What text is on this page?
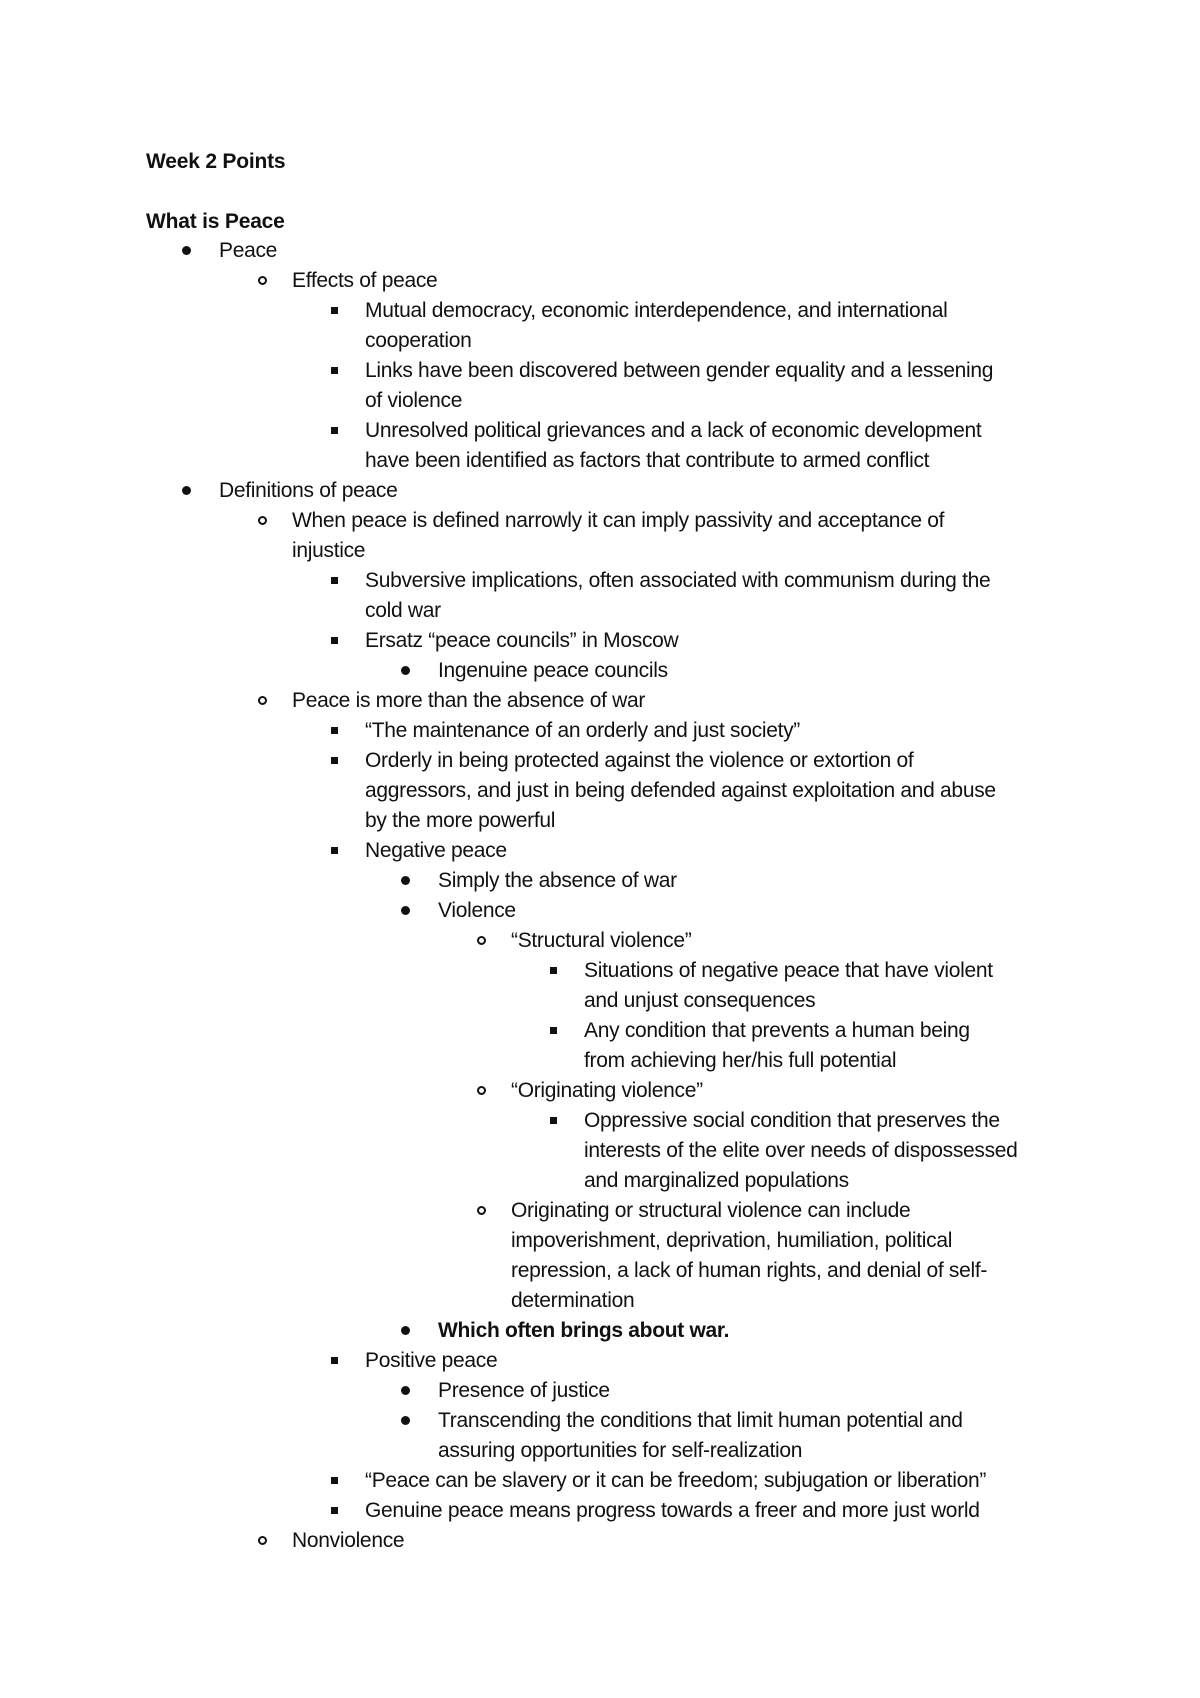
Week 2 Points
What is Peace
Peace
Effects of peace
Mutual democracy, economic interdependence, and international
cooperation
Links have been discovered between gender equality and a lessening
of violence
Unresolved political grievances and a lack of economic development
have been identified as factors that contribute to armed conflict
Definitions of peace
When peace is defined narrowly it can imply passivity and acceptance of
injustice
Subversive implications, often associated with communism during the
cold war
Ersatz “peace councils” in Moscow
Ingenuine peace councils
Peace is more than the absence of war
“The maintenance of an orderly and just society”
Orderly in being protected against the violence or extortion of
aggressors, and just in being defended against exploitation and abuse
by the more powerful
Negative peace
Simply the absence of war
Violence
“Structural violence”
Situations of negative peace that have violent
and unjust consequences
Any condition that prevents a human being
from achieving her/his full potential
“Originating violence”
Oppressive social condition that preserves the
interests of the elite over needs of dispossessed
and marginalized populations
Originating or structural violence can include
impoverishment, deprivation, humiliation, political
repression, a lack of human rights, and denial of self-
determination
Which often brings about war.
Positive peace
Presence of justice
Transcending the conditions that limit human potential and
assuring opportunities for self-realization
“Peace can be slavery or it can be freedom; subjugation or liberation”
Genuine peace means progress towards a freer and more just world
Nonviolence
